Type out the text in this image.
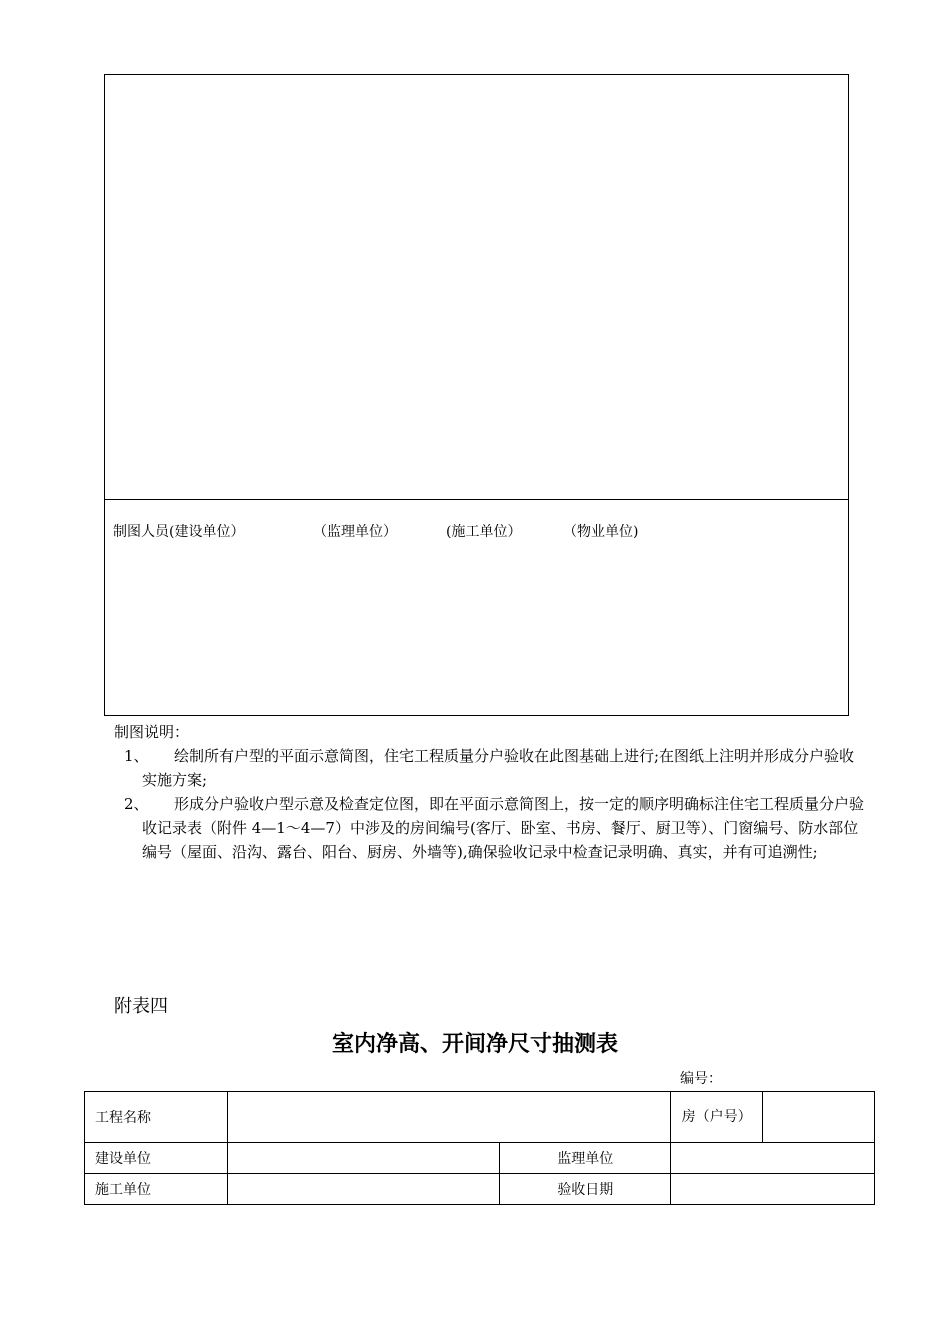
制图人员(建设单位）	（监理单位）	(施工单位）	（物业单位)
制图说明：
1、 绘制所有户型的平面示意简图，住宅工程质量分户验收在此图基础上进行;在图纸上注明并形成分户验收实施方案;
2、 形成分户验收户型示意及检查定位图，即在平面示意简图上，按一定的顺序明确标注住宅工程质量分户验收记录表（附件 4—1～4—7）中涉及的房间编号(客厅、卧室、书房、餐厅、厨卫等）、门窗编号、防水部位编号（屋面、沿沟、露台、阳台、厨房、外墙等),确保验收记录中检查记录明确、真实，并有可追溯性;
附表四
室内净高、开间净尺寸抽测表
编号：
工程名称			房（户号）	
建设单位		监理单位		
施工单位		验收日期		
